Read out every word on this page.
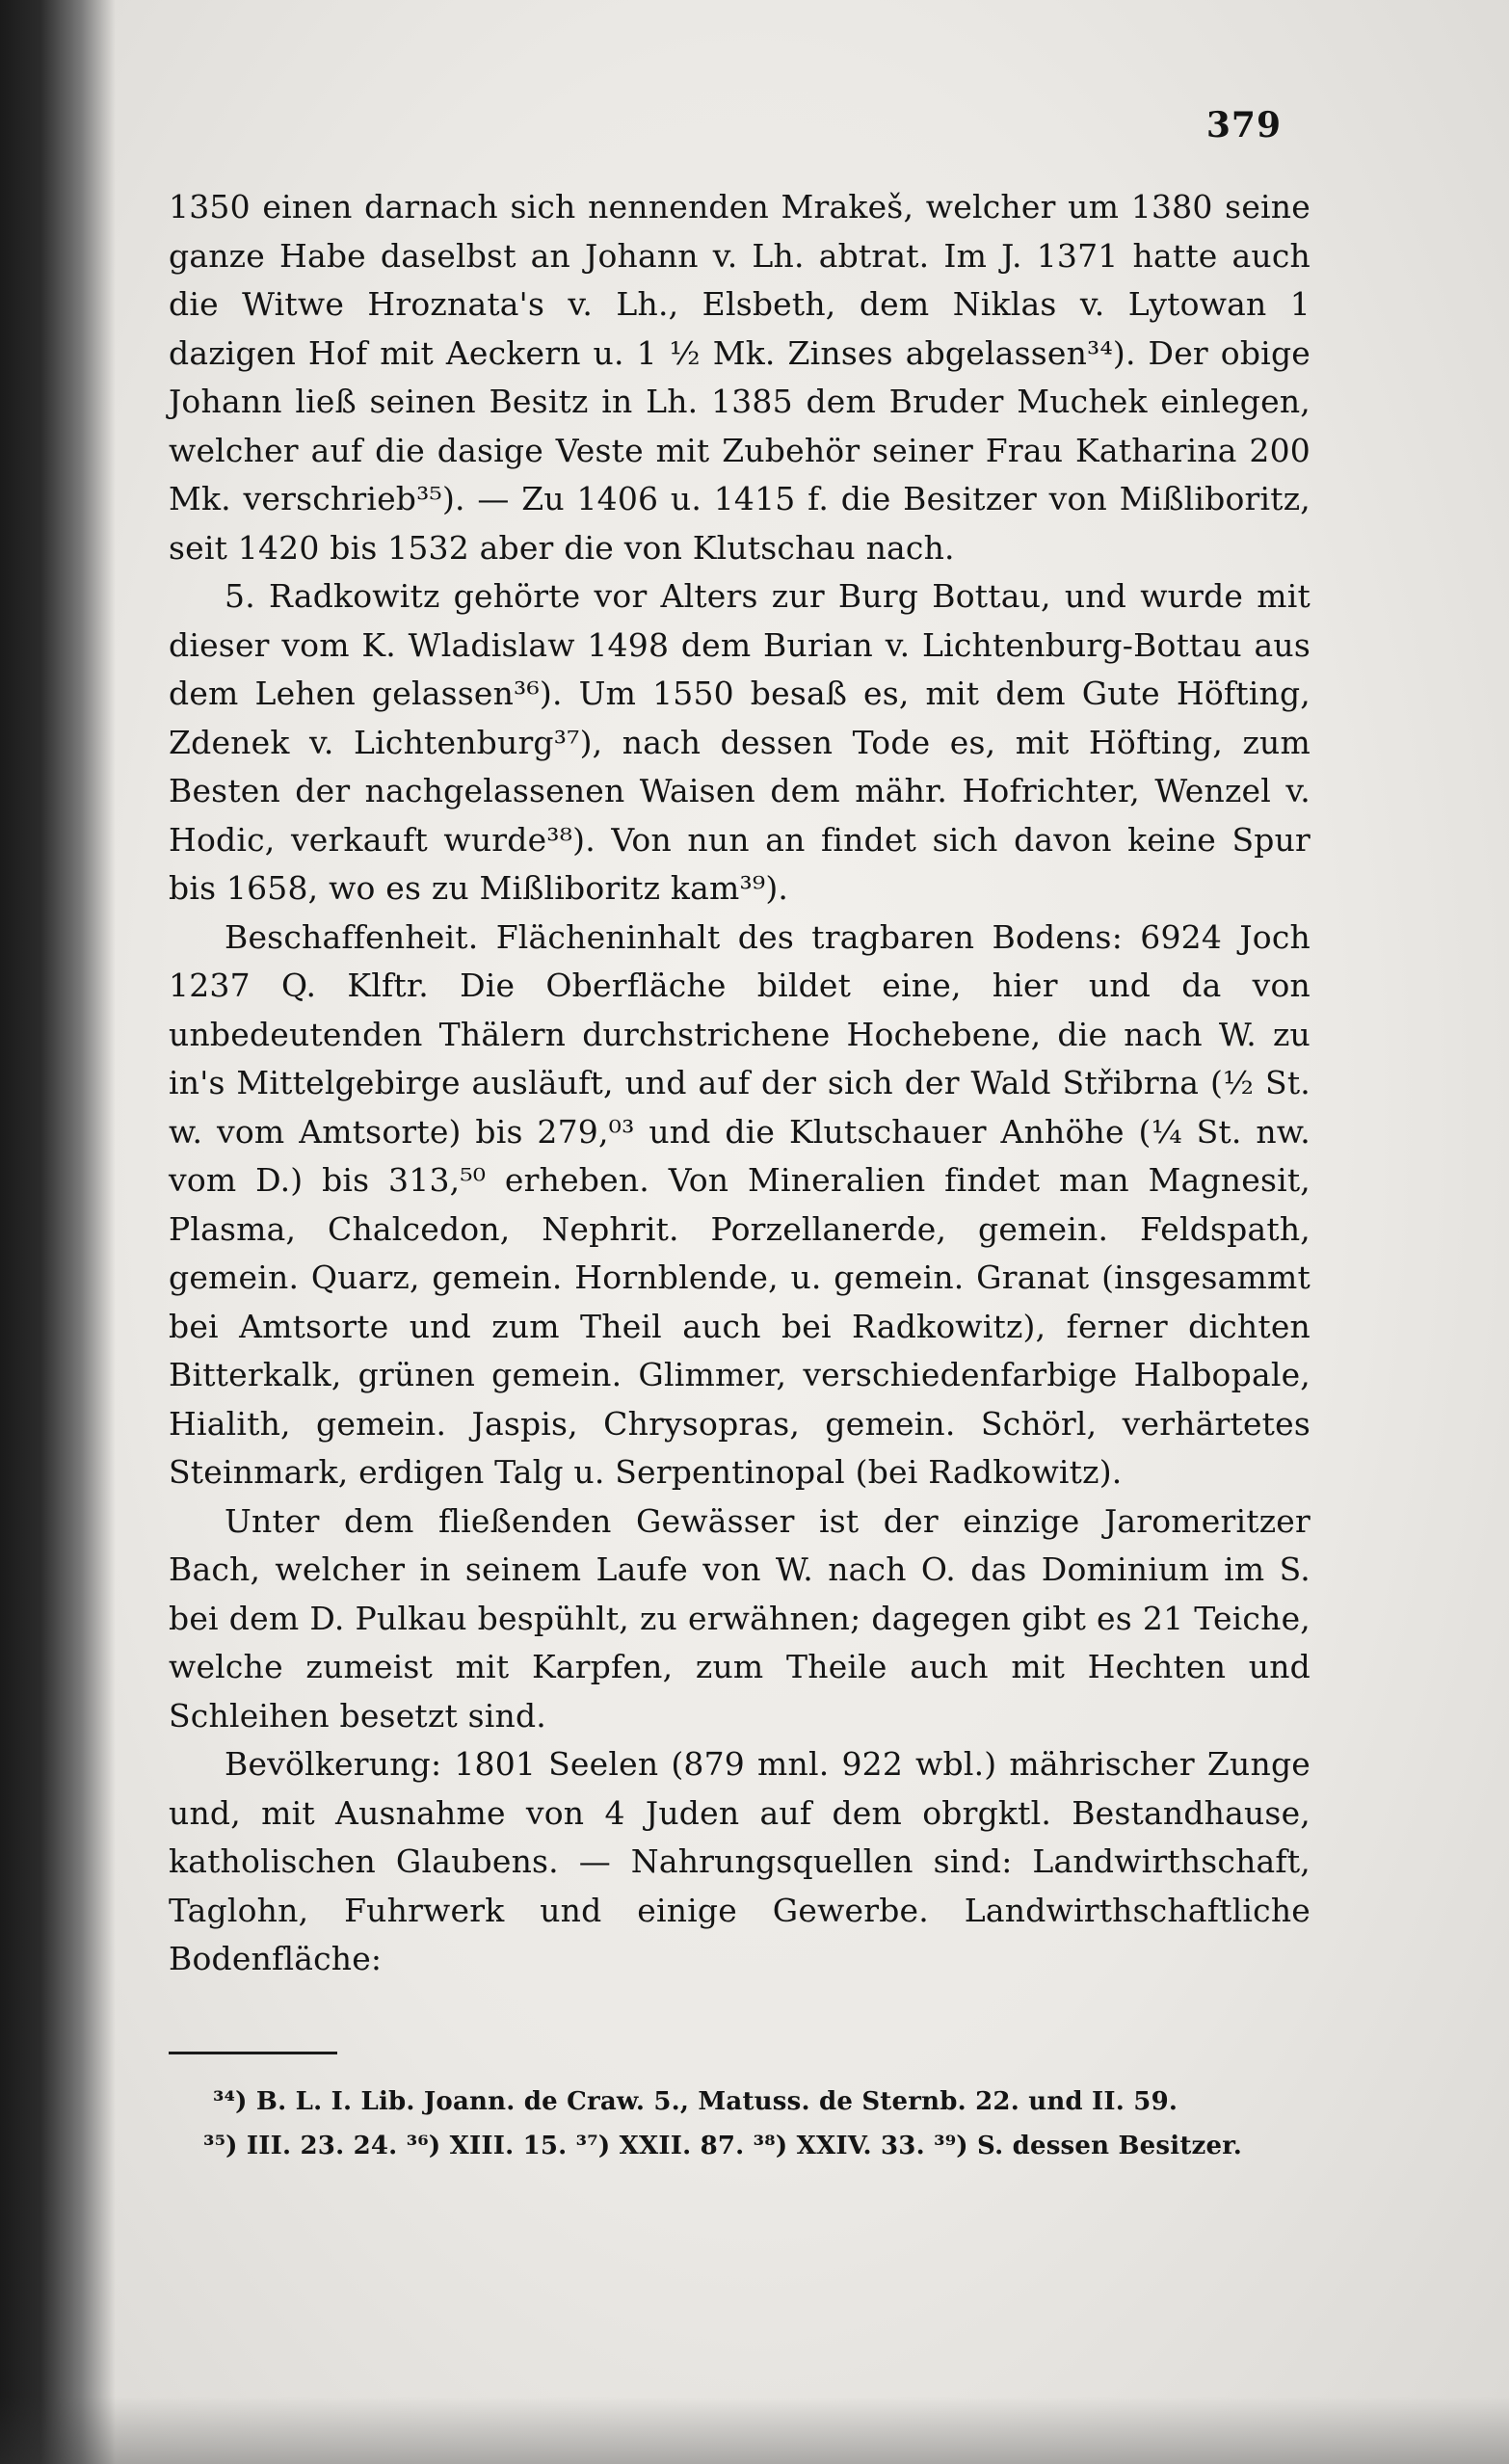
379

1350 einen darnach sich nennenden Mrakeš, welcher um 1380 seine ganze Habe daselbst an Johann v. Lh. abtrat. Im J. 1371 hatte auch die Witwe Hroznata's v. Lh., Elsbeth, dem Niklas v. Lytowan 1 dazigen Hof mit Aeckern u. 1 ½ Mk. Zinses abgelassen³⁴). Der obige Johann ließ seinen Besitz in Lh. 1385 dem Bruder Muchek einlegen, welcher auf die dasige Veste mit Zubehör seiner Frau Katharina 200 Mk. verschrieb³⁵). — Zu 1406 u. 1415 f. die Besitzer von Mißliboritz, seit 1420 bis 1532 aber die von Klutschau nach.

5. Radkowitz gehörte vor Alters zur Burg Bottau, und wurde mit dieser vom K. Wladislaw 1498 dem Burian v. Lichtenburg-Bottau aus dem Lehen gelassen³⁶). Um 1550 besaß es, mit dem Gute Höfting, Zdenek v. Lichtenburg³⁷), nach dessen Tode es, mit Höfting, zum Besten der nachgelassenen Waisen dem mähr. Hofrichter, Wenzel v. Hodic, verkauft wurde³⁸). Von nun an findet sich davon keine Spur bis 1658, wo es zu Mißliboritz kam³⁹).

Beschaffenheit. Flächeninhalt des tragbaren Bodens: 6924 Joch 1237 Q. Klftr. Die Oberfläche bildet eine, hier und da von unbedeutenden Thälern durchstrichene Hochebene, die nach W. zu in's Mittelgebirge ausläuft, und auf der sich der Wald Střibrna (½ St. w. vom Amtsorte) bis 279,⁰³ und die Klutschauer Anhöhe (¼ St. nw. vom D.) bis 313,⁵⁰ erheben. Von Mineralien findet man Magnesit, Plasma, Chalcedon, Nephrit. Porzellanerde, gemein. Feldspath, gemein. Quarz, gemein. Hornblende, u. gemein. Granat (insgesammt bei Amtsorte und zum Theil auch bei Radkowitz), ferner dichten Bitterkalk, grünen gemein. Glimmer, verschiedenfarbige Halbopale, Hialith, gemein. Jaspis, Chrysopras, gemein. Schörl, verhärtetes Steinmark, erdigen Talg u. Serpentinopal (bei Radkowitz).

Unter dem fließenden Gewässer ist der einzige Jaromeritzer Bach, welcher in seinem Laufe von W. nach O. das Dominium im S. bei dem D. Pulkau bespühlt, zu erwähnen; dagegen gibt es 21 Teiche, welche zumeist mit Karpfen, zum Theile auch mit Hechten und Schleihen besetzt sind.

Bevölkerung: 1801 Seelen (879 mnl. 922 wbl.) mährischer Zunge und, mit Ausnahme von 4 Juden auf dem obrgktl. Bestandhause, katholischen Glaubens. — Nahrungsquellen sind: Landwirthschaft, Taglohn, Fuhrwerk und einige Gewerbe. Landwirthschaftliche Bodenfläche:

³⁴) B. L. I. Lib. Joann. de Craw. 5., Matuss. de Sternb. 22. und II. 59.

³⁵) III. 23. 24. ³⁶) XIII. 15. ³⁷) XXII. 87. ³⁸) XXIV. 33. ³⁹) S. dessen Besitzer.
